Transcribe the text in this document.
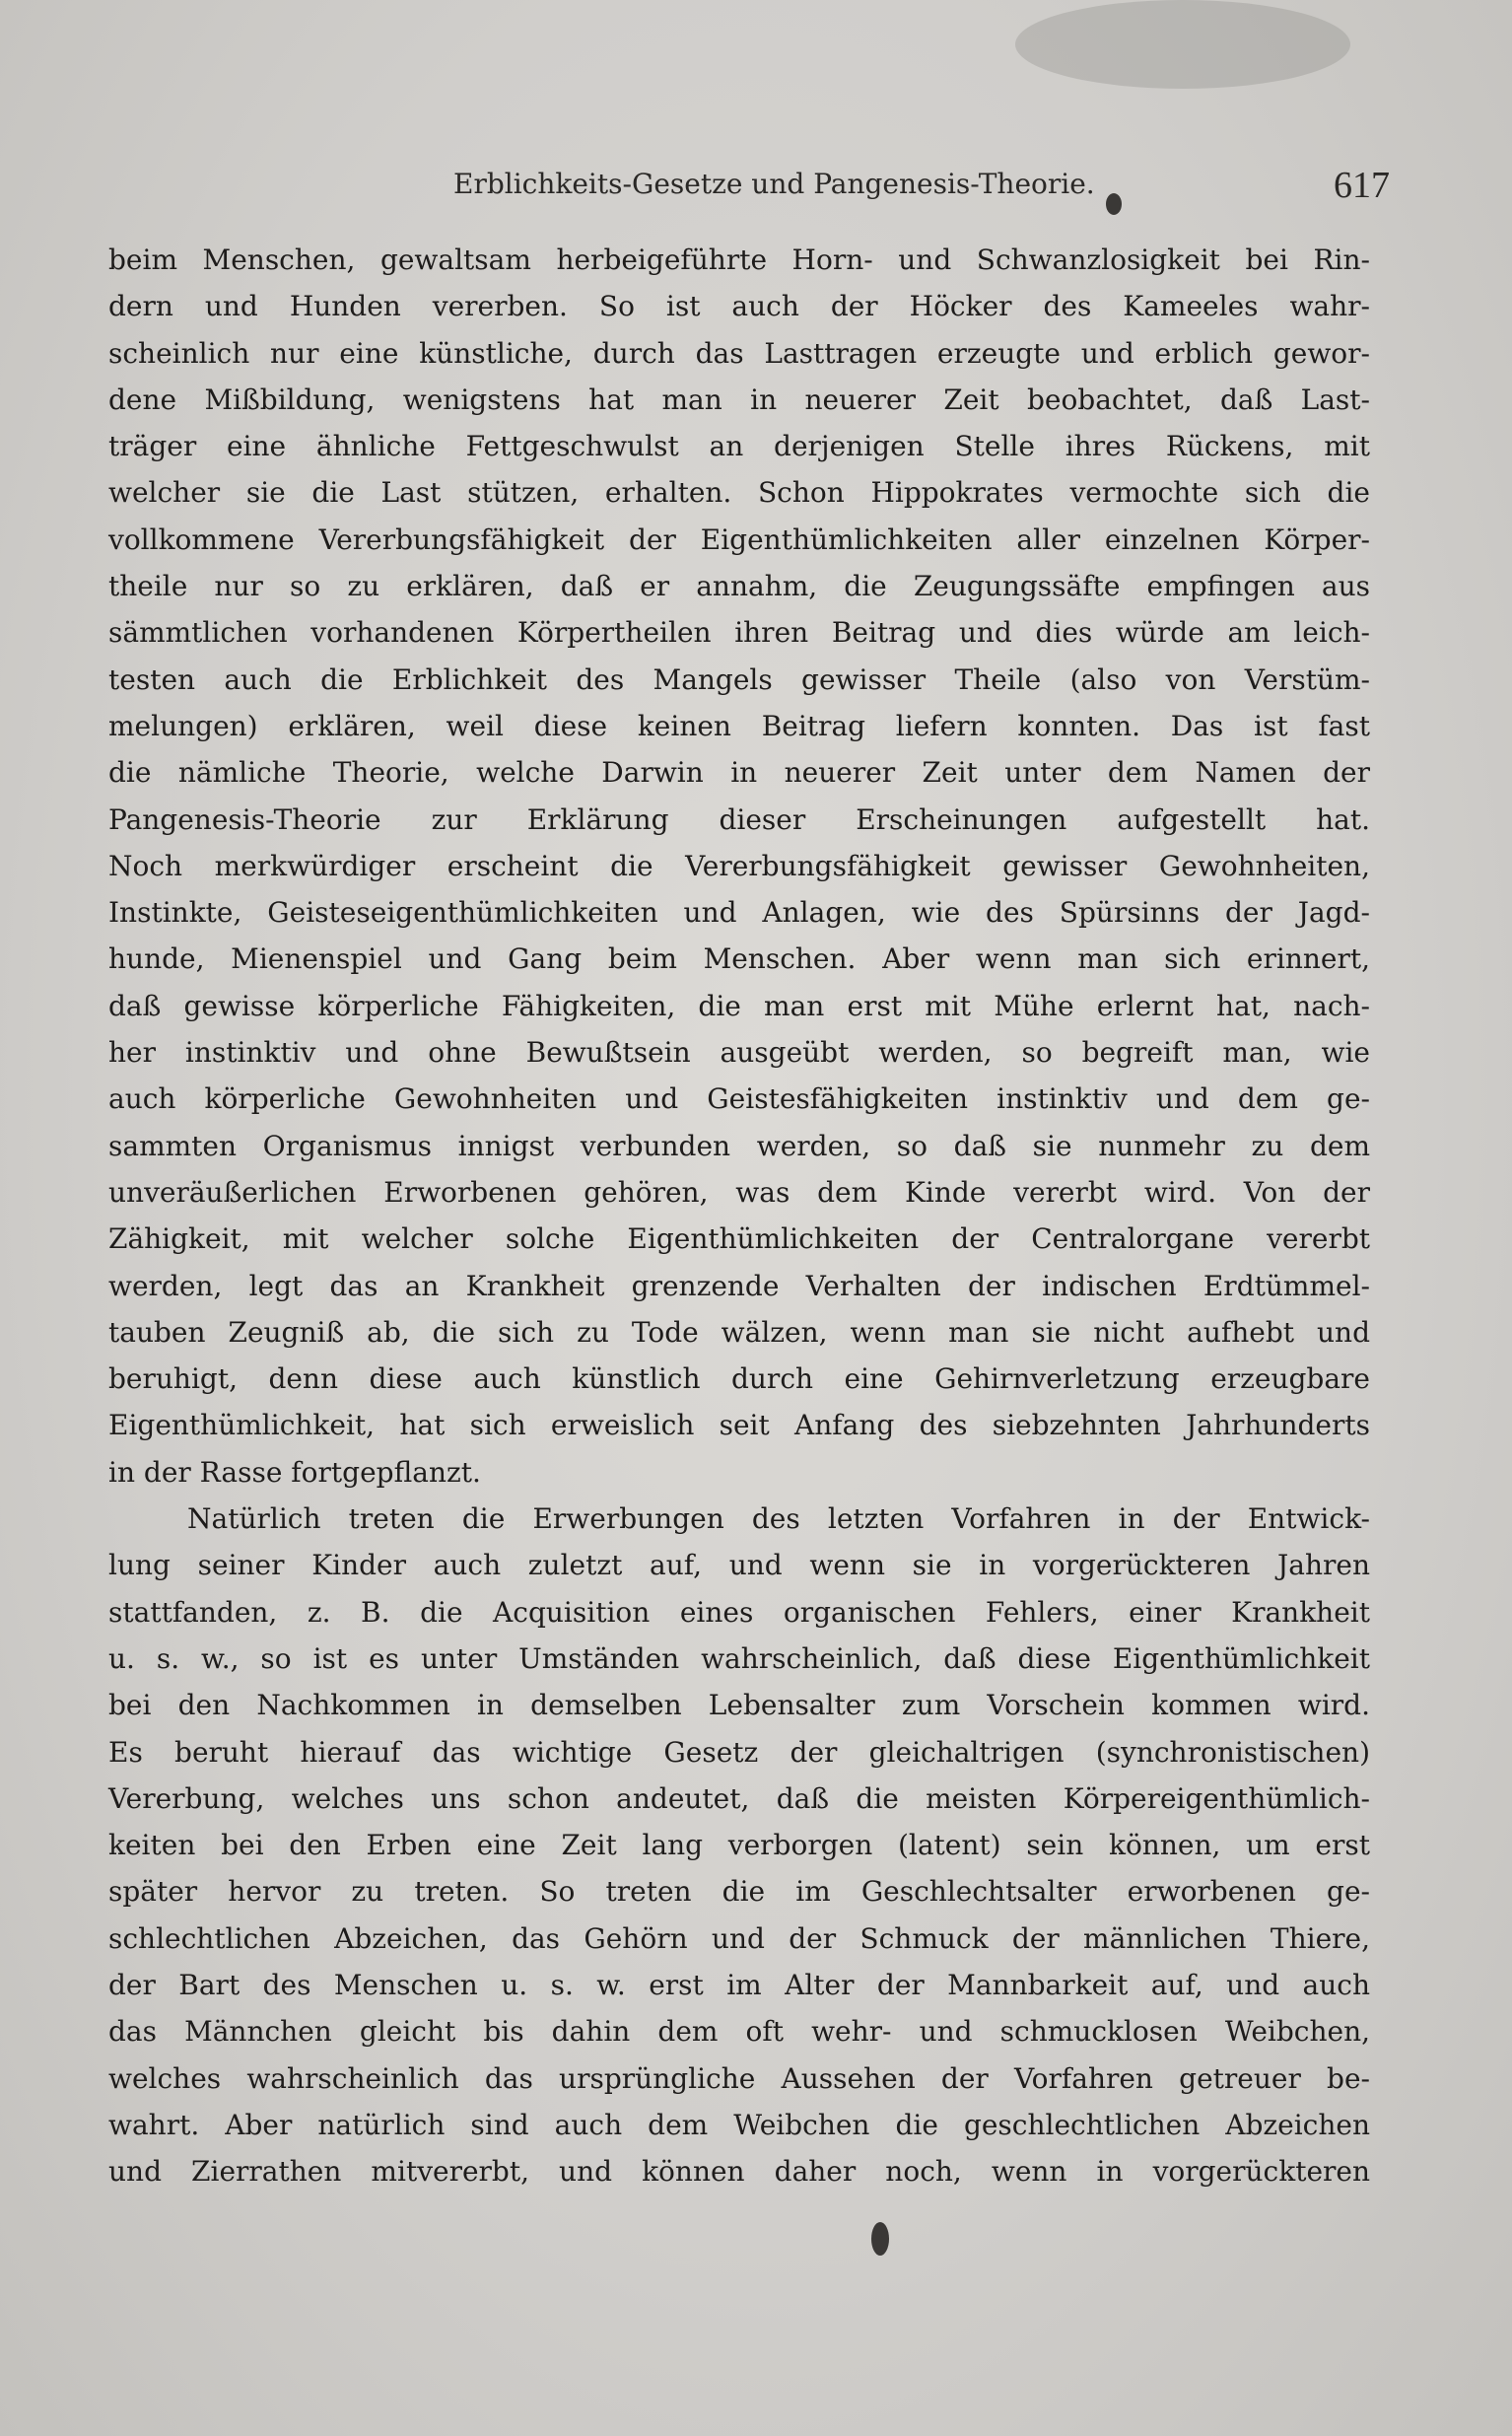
Erblichkeits-Gesetze und Pangenesis-Theorie.	617
beim Menschen, gewaltsam herbeigeführte Horn- und Schwanzlosigkeit bei Rin-
dern und Hunden vererben. So ist auch der Höcker des Kameeles wahr-
scheinlich nur eine künstliche, durch das Lasttragen erzeugte und erblich gewor-
dene Mißbildung, wenigstens hat man in neuerer Zeit beobachtet, daß Last-
träger eine ähnliche Fettgeschwulst an derjenigen Stelle ihres Rückens, mit
welcher sie die Last stützen, erhalten. Schon Hippokrates vermochte sich die
vollkommene Vererbungsfähigkeit der Eigenthümlichkeiten aller einzelnen Körper-
theile nur so zu erklären, daß er annahm, die Zeugungssäfte empfingen aus
sämmtlichen vorhandenen Körpertheilen ihren Beitrag und dies würde am leich-
testen auch die Erblichkeit des Mangels gewisser Theile (also von Verstüm-
melungen) erklären, weil diese keinen Beitrag liefern konnten. Das ist fast
die nämliche Theorie, welche Darwin in neuerer Zeit unter dem Namen der
Pangenesis-Theorie zur Erklärung dieser Erscheinungen aufgestellt hat.
Noch merkwürdiger erscheint die Vererbungsfähigkeit gewisser Gewohnheiten,
Instinkte, Geisteseigenthümlichkeiten und Anlagen, wie des Spürsinns der Jagd-
hunde, Mienenspiel und Gang beim Menschen. Aber wenn man sich erinnert,
daß gewisse körperliche Fähigkeiten, die man erst mit Mühe erlernt hat, nach-
her instinktiv und ohne Bewußtsein ausgeübt werden, so begreift man, wie
auch körperliche Gewohnheiten und Geistesfähigkeiten instinktiv und dem ge-
sammten Organismus innigst verbunden werden, so daß sie nunmehr zu dem
unveräußerlichen Erworbenen gehören, was dem Kinde vererbt wird. Von der
Zähigkeit, mit welcher solche Eigenthümlichkeiten der Centralorgane vererbt
werden, legt das an Krankheit grenzende Verhalten der indischen Erdtümmel-
tauben Zeugniß ab, die sich zu Tode wälzen, wenn man sie nicht aufhebt und
beruhigt, denn diese auch künstlich durch eine Gehirnverletzung erzeugbare
Eigenthümlichkeit, hat sich erweislich seit Anfang des siebzehnten Jahrhunderts
in der Rasse fortgepflanzt.
Natürlich treten die Erwerbungen des letzten Vorfahren in der Entwick-
lung seiner Kinder auch zuletzt auf, und wenn sie in vorgerückteren Jahren
stattfanden, z. B. die Acquisition eines organischen Fehlers, einer Krankheit
u. s. w., so ist es unter Umständen wahrscheinlich, daß diese Eigenthümlichkeit
bei den Nachkommen in demselben Lebensalter zum Vorschein kommen wird.
Es beruht hierauf das wichtige Gesetz der gleichaltrigen (synchronistischen)
Vererbung, welches uns schon andeutet, daß die meisten Körpereigenthümlich-
keiten bei den Erben eine Zeit lang verborgen (latent) sein können, um erst
später hervor zu treten. So treten die im Geschlechtsalter erworbenen ge-
schlechtlichen Abzeichen, das Gehörn und der Schmuck der männlichen Thiere,
der Bart des Menschen u. s. w. erst im Alter der Mannbarkeit auf, und auch
das Männchen gleicht bis dahin dem oft wehr- und schmucklosen Weibchen,
welches wahrscheinlich das ursprüngliche Aussehen der Vorfahren getreuer be-
wahrt. Aber natürlich sind auch dem Weibchen die geschlechtlichen Abzeichen
und Zierrathen mitvererbt, und können daher noch, wenn in vorgerückteren
